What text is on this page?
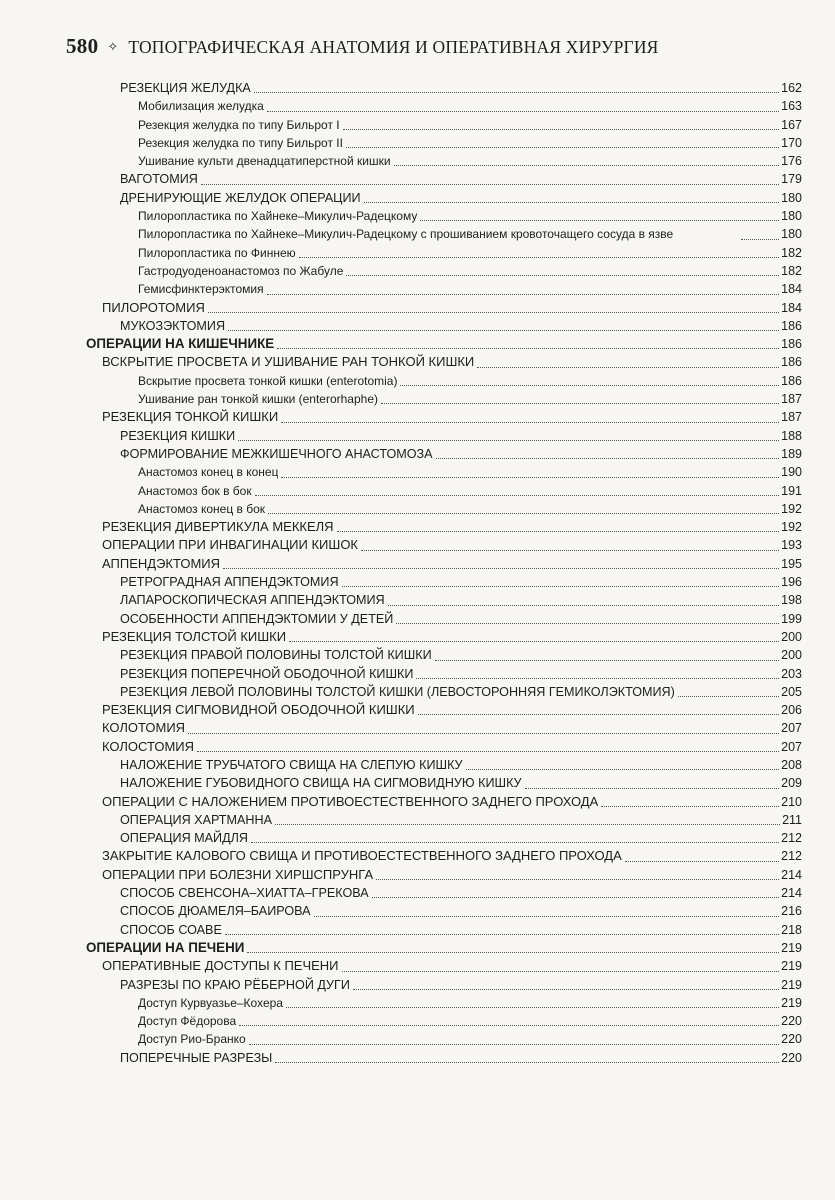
580 ✧ ТОПОГРАФИЧЕСКАЯ АНАТОМИЯ И ОПЕРАТИВНАЯ ХИРУРГИЯ
РЕЗЕКЦИЯ ЖЕЛУДКА	162
Мобилизация желудка	163
Резекция желудка по типу Бильрот I	167
Резекция желудка по типу Бильрот II	170
Ушивание культи двенадцатиперстной кишки	176
ВАГОТОМИЯ	179
ДРЕНИРУЮЩИЕ ЖЕЛУДОК ОПЕРАЦИИ	180
Пилоропластика по Хайнеке–Микулич-Радецкому	180
Пилоропластика по Хайнеке–Микулич-Радецкому с прошиванием кровоточащего сосуда в язве	180
Пилоропластика по Финнею	182
Гастродуоденоанастомоз по Жабуле	182
Гемисфинктерэктомия	184
ПИЛОРОТОМИЯ	184
МУКОЗЭКТОМИЯ	186
ОПЕРАЦИИ НА КИШЕЧНИКЕ	186
ВСКРЫТИЕ ПРОСВЕТА И УШИВАНИЕ РАН ТОНКОЙ КИШКИ	186
Вскрытие просвета тонкой кишки (enterotomia)	186
Ушивание ран тонкой кишки (enterorhaphe)	187
РЕЗЕКЦИЯ ТОНКОЙ КИШКИ	187
РЕЗЕКЦИЯ КИШКИ	188
ФОРМИРОВАНИЕ МЕЖКИШЕЧНОГО АНАСТОМОЗА	189
Анастомоз конец в конец	190
Анастомоз бок в бок	191
Анастомоз конец в бок	192
РЕЗЕКЦИЯ ДИВЕРТИКУЛА МЕККЕЛЯ	192
ОПЕРАЦИИ ПРИ ИНВАГИНАЦИИ КИШОК	193
АППЕНДЭКТОМИЯ	195
РЕТРОГРАДНАЯ АППЕНДЭКТОМИЯ	196
ЛАПАРОСКОПИЧЕСКАЯ АППЕНДЭКТОМИЯ	198
ОСОБЕННОСТИ АППЕНДЭКТОМИИ У ДЕТЕЙ	199
РЕЗЕКЦИЯ ТОЛСТОЙ КИШКИ	200
РЕЗЕКЦИЯ ПРАВОЙ ПОЛОВИНЫ ТОЛСТОЙ КИШКИ	200
РЕЗЕКЦИЯ ПОПЕРЕЧНОЙ ОБОДОЧНОЙ КИШКИ	203
РЕЗЕКЦИЯ ЛЕВОЙ ПОЛОВИНЫ ТОЛСТОЙ КИШКИ (ЛЕВОСТОРОННЯЯ ГЕМИКОЛЭКТОМИЯ)	205
РЕЗЕКЦИЯ СИГМОВИДНОЙ ОБОДОЧНОЙ КИШКИ	206
КОЛОТОМИЯ	207
КОЛОСТОМИЯ	207
НАЛОЖЕНИЕ ТРУБЧАТОГО СВИЩА НА СЛЕПУЮ КИШКУ	208
НАЛОЖЕНИЕ ГУБОВИДНОГО СВИЩА НА СИГМОВИДНУЮ КИШКУ	209
ОПЕРАЦИИ С НАЛОЖЕНИЕМ ПРОТИВОЕСТЕСТВЕННОГО ЗАДНЕГО ПРОХОДА	210
ОПЕРАЦИЯ ХАРТМАННА	211
ОПЕРАЦИЯ МАЙДЛЯ	212
ЗАКРЫТИЕ КАЛОВОГО СВИЩА И ПРОТИВОЕСТЕСТВЕННОГО ЗАДНЕГО ПРОХОДА	212
ОПЕРАЦИИ ПРИ БОЛЕЗНИ ХИРШСПРУНГА	214
СПОСОБ СВЕНСОНА–ХИАТТА–ГРЕКОВА	214
СПОСОБ ДЮАМЕЛЯ–БАИРОВА	216
СПОСОБ СОАВЕ	218
ОПЕРАЦИИ НА ПЕЧЕНИ	219
ОПЕРАТИВНЫЕ ДОСТУПЫ К ПЕЧЕНИ	219
РАЗРЕЗЫ ПО КРАЮ РЁБЕРНОЙ ДУГИ	219
Доступ Курвуазье–Кохера	219
Доступ Фёдорова	220
Доступ Рио-Бранко	220
ПОПЕРЕЧНЫЕ РАЗРЕЗЫ	220
